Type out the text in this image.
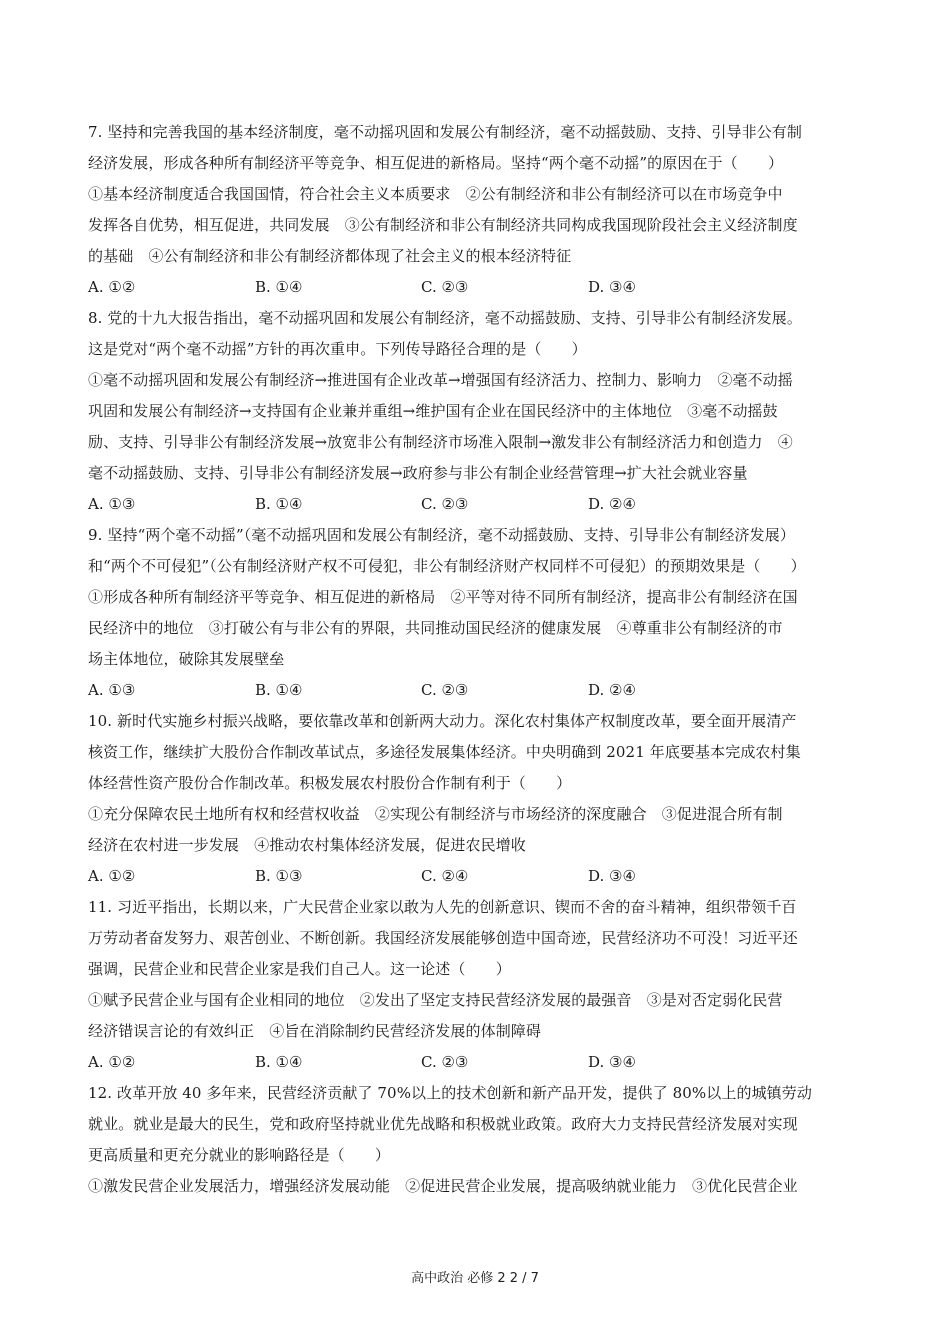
7. 坚持和完善我国的基本经济制度，毫不动摇巩固和发展公有制经济，毫不动摇鼓励、支持、引导非公有制
经济发展，形成各种所有制经济平等竞争、相互促进的新格局。坚持“两个毫不动摇”的原因在于（　　）
①基本经济制度适合我国国情，符合社会主义本质要求　②公有制经济和非公有制经济可以在市场竞争中
发挥各自优势，相互促进，共同发展　③公有制经济和非公有制经济共同构成我国现阶段社会主义经济制度
的基础　④公有制经济和非公有制经济都体现了社会主义的根本经济特征
A. ①②	B. ①④	C. ②③	D. ③④
8. 党的十九大报告指出，毫不动摇巩固和发展公有制经济，毫不动摇鼓励、支持、引导非公有制经济发展。
这是党对“两个毫不动摇”方针的再次重申。下列传导路径合理的是（　　）
①毫不动摇巩固和发展公有制经济→推进国有企业改革→增强国有经济活力、控制力、影响力　②毫不动摇
巩固和发展公有制经济→支持国有企业兼并重组→维护国有企业在国民经济中的主体地位　③毫不动摇鼓
励、支持、引导非公有制经济发展→放宽非公有制经济市场准入限制→激发非公有制经济活力和创造力　④
毫不动摇鼓励、支持、引导非公有制经济发展→政府参与非公有制企业经营管理→扩大社会就业容量
A. ①③	B. ①④	C. ②③	D. ②④
9. 坚持“两个毫不动摇”（毫不动摇巩固和发展公有制经济，毫不动摇鼓励、支持、引导非公有制经济发展）
和“两个不可侵犯”（公有制经济财产权不可侵犯，非公有制经济财产权同样不可侵犯）的预期效果是（　　）
①形成各种所有制经济平等竞争、相互促进的新格局　②平等对待不同所有制经济，提高非公有制经济在国
民经济中的地位　③打破公有与非公有的界限，共同推动国民经济的健康发展　④尊重非公有制经济的市
场主体地位，破除其发展壁垒
A. ①③	B. ①④	C. ②③	D. ②④
10. 新时代实施乡村振兴战略，要依靠改革和创新两大动力。深化农村集体产权制度改革，要全面开展清产
核资工作，继续扩大股份合作制改革试点，多途径发展集体经济。中央明确到 2021 年底要基本完成农村集
体经营性资产股份合作制改革。积极发展农村股份合作制有利于（　　）
①充分保障农民土地所有权和经营权收益　②实现公有制经济与市场经济的深度融合　③促进混合所有制
经济在农村进一步发展　④推动农村集体经济发展，促进农民增收
A. ①②	B. ①③	C. ②④	D. ③④
11. 习近平指出，长期以来，广大民营企业家以敢为人先的创新意识、锲而不舍的奋斗精神，组织带领千百
万劳动者奋发努力、艰苦创业、不断创新。我国经济发展能够创造中国奇迹，民营经济功不可没！习近平还
强调，民营企业和民营企业家是我们自己人。这一论述（　　）
①赋予民营企业与国有企业相同的地位　②发出了坚定支持民营经济发展的最强音　③是对否定弱化民营
经济错误言论的有效纠正　④旨在消除制约民营经济发展的体制障碍
A. ①②	B. ①④	C. ②③	D. ③④
12. 改革开放 40 多年来，民营经济贡献了 70%以上的技术创新和新产品开发，提供了 80%以上的城镇劳动
就业。就业是最大的民生，党和政府坚持就业优先战略和积极就业政策。政府大力支持民营经济发展对实现
更高质量和更充分就业的影响路径是（　　）
①激发民营企业发展活力，增强经济发展动能　②促进民营企业发展，提高吸纳就业能力　③优化民营企业
高中政治 必修 2 2 / 7
